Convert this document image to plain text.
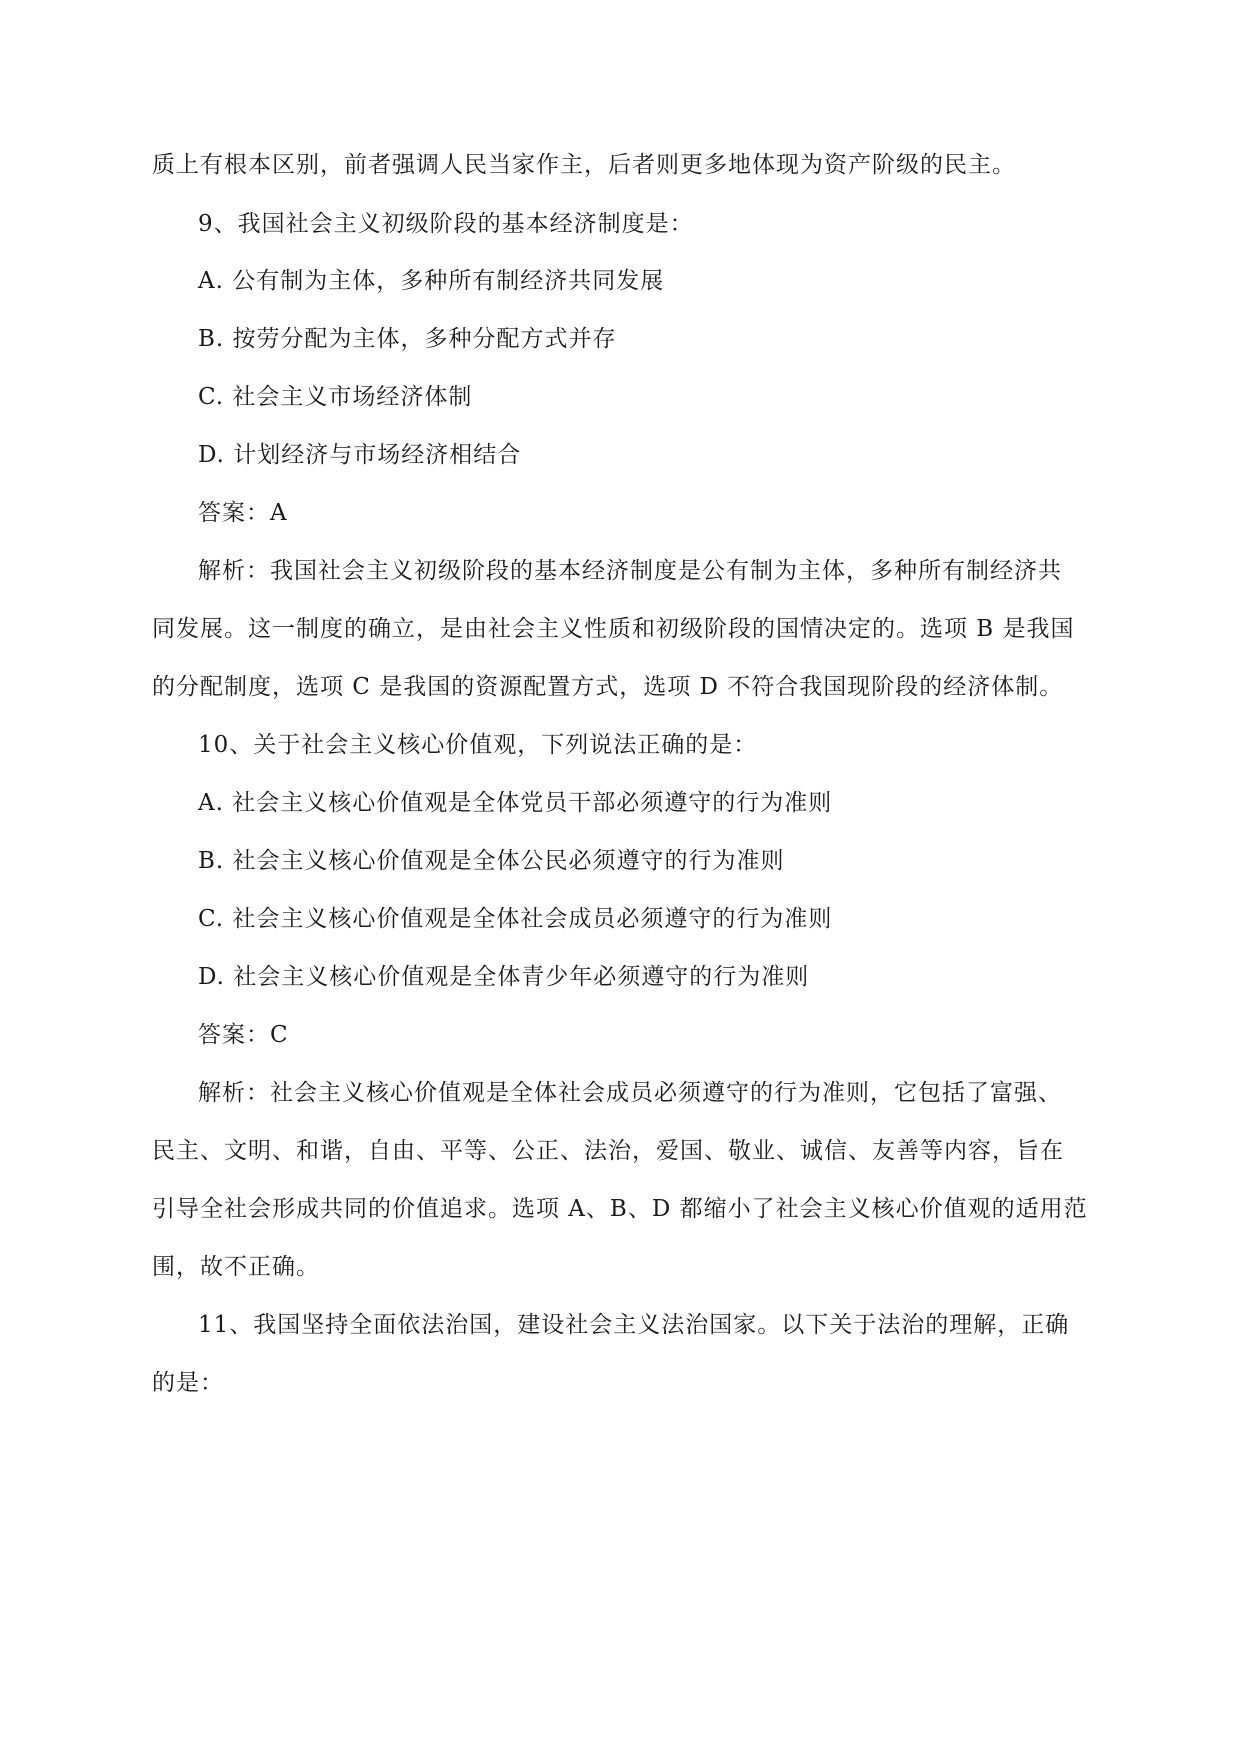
质上有根本区别，前者强调人民当家作主，后者则更多地体现为资产阶级的民主。
9、我国社会主义初级阶段的基本经济制度是：
A. 公有制为主体，多种所有制经济共同发展
B. 按劳分配为主体，多种分配方式并存
C. 社会主义市场经济体制
D. 计划经济与市场经济相结合
答案：A
解析：我国社会主义初级阶段的基本经济制度是公有制为主体，多种所有制经济共
同发展。这一制度的确立，是由社会主义性质和初级阶段的国情决定的。选项 B 是我国
的分配制度，选项 C 是我国的资源配置方式，选项 D 不符合我国现阶段的经济体制。
10、关于社会主义核心价值观，下列说法正确的是：
A. 社会主义核心价值观是全体党员干部必须遵守的行为准则
B. 社会主义核心价值观是全体公民必须遵守的行为准则
C. 社会主义核心价值观是全体社会成员必须遵守的行为准则
D. 社会主义核心价值观是全体青少年必须遵守的行为准则
答案：C
解析：社会主义核心价值观是全体社会成员必须遵守的行为准则，它包括了富强、
民主、文明、和谐，自由、平等、公正、法治，爱国、敬业、诚信、友善等内容，旨在
引导全社会形成共同的价值追求。选项 A、B、D 都缩小了社会主义核心价值观的适用范
围，故不正确。
11、我国坚持全面依法治国，建设社会主义法治国家。以下关于法治的理解，正确
的是：
